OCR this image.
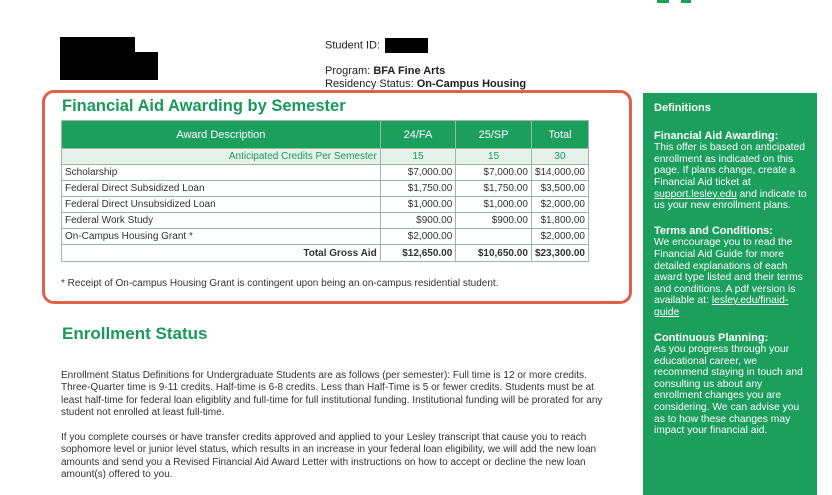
Student ID:
Program: BFA Fine Arts
Residency Status: On-Campus Housing
Financial Aid Awarding by Semester
Award Description	24/FA	25/SP	Total
Anticipated Credits Per Semester	15	15	30
Scholarship	$7,000.00	$7,000.00	$14,000.00
Federal Direct Subsidized Loan	$1,750.00	$1,750.00	$3,500.00
Federal Direct Unsubsidized Loan	$1,000.00	$1,000.00	$2,000.00
Federal Work Study	$900.00	$900.00	$1,800.00
On-Campus Housing Grant *	$2,000.00		$2,000.00
Total Gross Aid	$12,650.00	$10,650.00	$23,300.00
* Receipt of On-campus Housing Grant is contingent upon being an on-campus residential student.
Enrollment Status

Enrollment Status Definitions for Undergraduate Students are as follows (per semester): Full time is 12 or more credits. Three-Quarter time is 9-11 credits. Half-time is 6-8 credits. Less than Half-Time is 5 or fewer credits. Students must be at least half-time for federal loan eligiblity and full-time for full institutional funding. Institutional funding will be prorated for any student not enrolled at least full-time.

If you complete courses or have transfer credits approved and applied to your Lesley transcript that cause you to reach sophomore level or junior level status, which results in an increase in your federal loan eligibility, we will add the new loan amounts and send you a Revised Financial Aid Award Letter with instructions on how to accept or decline the new loan amount(s) offered to you.

Definitions
Financial Aid Awarding:

This offer is based on anticipated enrollment as indicated on this page. If plans change, create a Financial Aid ticket at support.lesley.edu and indicate to us your new enrollment plans.

Terms and Conditions:

We encourage you to read the Financial Aid Guide for more detailed explanations of each award type listed and their terms and conditions. A pdf version is available at: lesley.edu/finaid-guide

Continuous Planning:

As you progress through your educational career, we recommend staying in touch and consulting us about any enrollment changes you are considering. We can advise you as to how these changes may impact your financial aid.
